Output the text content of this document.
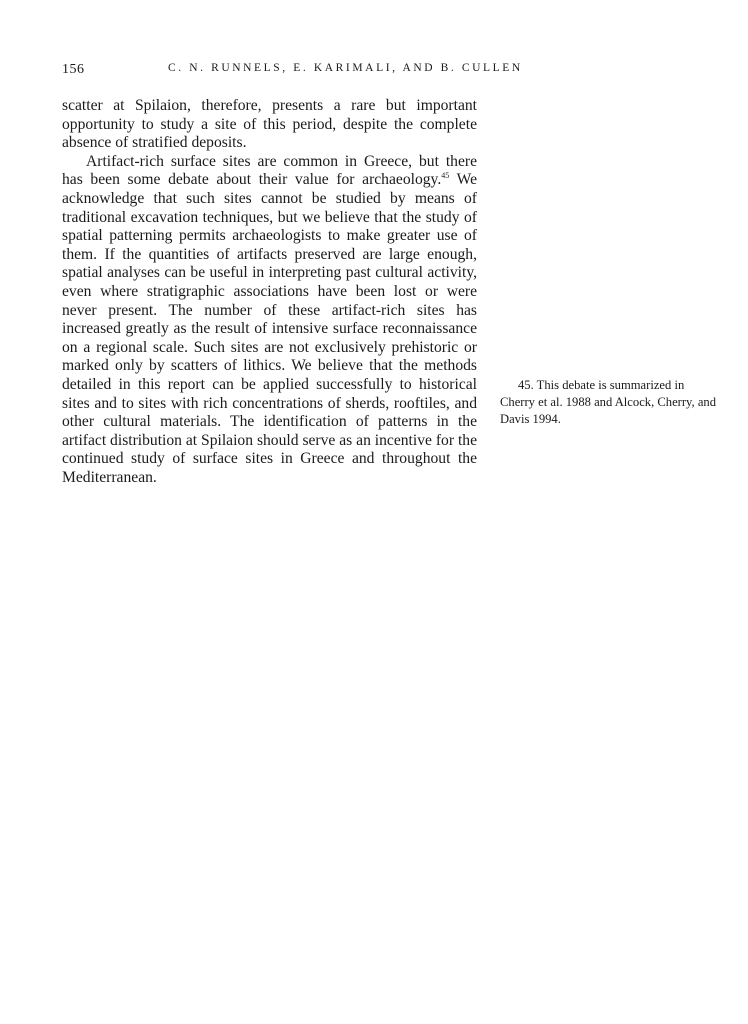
156	C. N. RUNNELS, E. KARIMALI, AND B. CULLEN

scatter at Spilaion, therefore, presents a rare but important opportunity to study a site of this period, despite the complete absence of stratified deposits.

Artifact-rich surface sites are common in Greece, but there has been some debate about their value for archaeology.$^{45}$ We acknowledge that such sites cannot be studied by means of traditional excavation techniques, but we believe that the study of spatial patterning permits archaeologists to make greater use of them. If the quantities of artifacts preserved are large enough, spatial analyses can be useful in interpreting past cultural activity, even where stratigraphic associations have been lost or were never present. The number of these artifact-rich sites has increased greatly as the result of intensive surface reconnaissance on a regional scale. Such sites are not exclusively prehistoric or marked only by scatters of lithics. We believe that the methods detailed in this report can be applied successfully to historical sites and to sites with rich concentrations of sherds, rooftiles, and other cultural materials. The identification of patterns in the artifact distribution at Spilaion should serve as an incentive for the continued study of surface sites in Greece and throughout the Mediterranean.

45. This debate is summarized in Cherry et al. 1988 and Alcock, Cherry, and Davis 1994.
